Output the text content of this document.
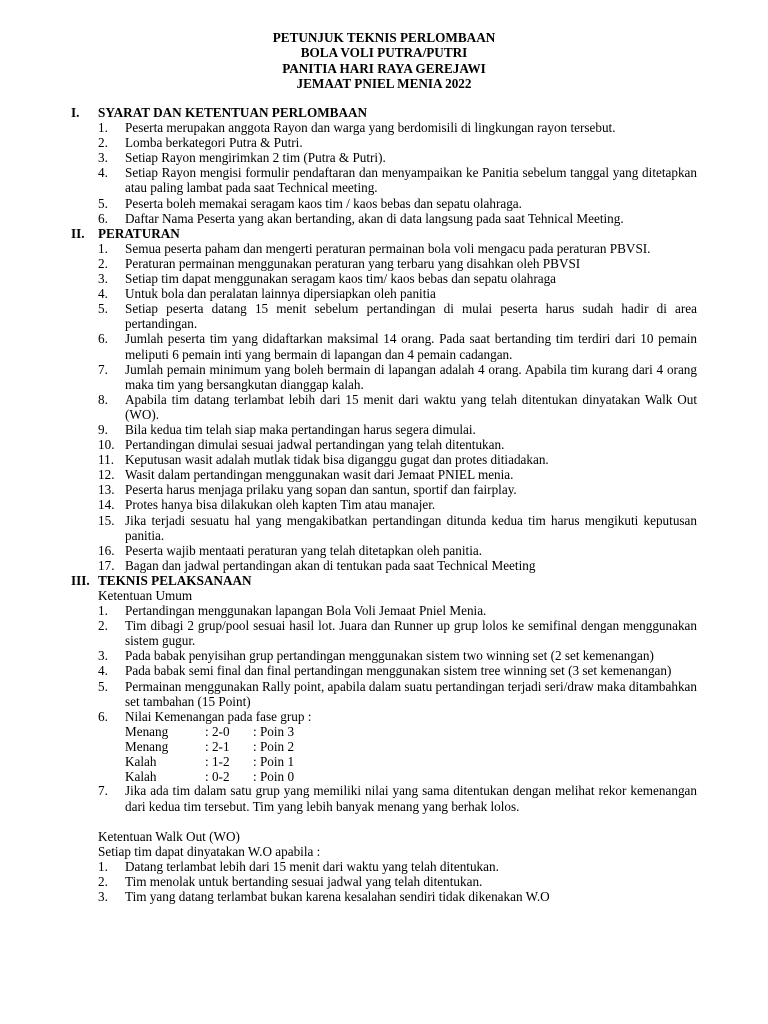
PETUNJUK TEKNIS PERLOMBAAN
BOLA VOLI PUTRA/PUTRI
PANITIA HARI RAYA GEREJAWI
JEMAAT PNIEL MENIA 2022
I.	SYARAT DAN KETENTUAN PERLOMBAAN
1.	Peserta merupakan anggota Rayon dan warga yang berdomisili di lingkungan rayon tersebut.
2.	Lomba berkategori Putra & Putri.
3.	Setiap Rayon mengirimkan 2 tim (Putra & Putri).
4.	Setiap Rayon mengisi formulir pendaftaran dan menyampaikan ke Panitia sebelum tanggal yang ditetapkan atau paling lambat pada saat Technical meeting.
5.	Peserta boleh memakai seragam kaos tim / kaos bebas dan sepatu olahraga.
6.	Daftar Nama Peserta yang akan bertanding, akan di data langsung pada saat Tehnical Meeting.
II.	PERATURAN
1.	Semua peserta paham dan mengerti peraturan permainan bola voli mengacu pada peraturan PBVSI.
2.	Peraturan permainan menggunakan peraturan yang terbaru yang disahkan oleh PBVSI
3.	Setiap tim dapat menggunakan seragam kaos tim/ kaos bebas dan sepatu olahraga
4.	Untuk bola dan peralatan lainnya dipersiapkan oleh panitia
5.	Setiap peserta datang 15 menit sebelum pertandingan di mulai peserta harus sudah hadir di area pertandingan.
6.	Jumlah peserta tim yang didaftarkan maksimal 14 orang. Pada saat bertanding tim terdiri dari 10 pemain meliputi 6 pemain inti yang bermain di lapangan dan 4 pemain cadangan.
7.	Jumlah pemain minimum yang boleh bermain di lapangan adalah 4 orang. Apabila tim kurang dari 4 orang maka tim yang bersangkutan dianggap kalah.
8.	Apabila tim datang terlambat lebih dari 15 menit dari waktu yang telah ditentukan dinyatakan Walk Out (WO).
9.	Bila kedua tim telah siap maka pertandingan harus segera dimulai.
10. Pertandingan dimulai sesuai jadwal pertandingan yang telah ditentukan.
11. Keputusan wasit adalah mutlak tidak bisa diganggu gugat dan protes ditiadakan.
12. Wasit dalam pertandingan menggunakan wasit dari Jemaat PNIEL menia.
13. Peserta harus menjaga prilaku yang sopan dan santun, sportif dan fairplay.
14. Protes hanya bisa dilakukan oleh kapten Tim atau manajer.
15. Jika terjadi sesuatu hal yang mengakibatkan pertandingan ditunda kedua tim harus mengikuti keputusan panitia.
16. Peserta wajib mentaati peraturan yang telah ditetapkan oleh panitia.
17. Bagan dan jadwal pertandingan akan di tentukan pada saat Technical Meeting
III. TEKNIS PELAKSANAAN
Ketentuan Umum
1.	Pertandingan menggunakan lapangan Bola Voli Jemaat Pniel Menia.
2.	Tim dibagi 2 grup/pool sesuai hasil lot. Juara dan Runner up grup lolos ke semifinal dengan menggunakan sistem gugur.
3.	Pada babak penyisihan grup pertandingan menggunakan sistem two winning set (2 set kemenangan)
4.	Pada babak semi final dan final pertandingan menggunakan sistem tree winning set (3 set kemenangan)
5.	Permainan menggunakan Rally point, apabila dalam suatu pertandingan terjadi seri/draw maka ditambahkan set tambahan (15 Point)
6.	Nilai Kemenangan pada fase grup :
Menang	: 2-0	: Poin 3
Menang	: 2-1	: Poin 2
Kalah	: 1-2	: Poin 1
Kalah	: 0-2	: Poin 0
7.	Jika ada tim dalam satu grup yang memiliki nilai yang sama ditentukan dengan melihat rekor kemenangan dari kedua tim tersebut. Tim yang lebih banyak menang yang berhak lolos.
Ketentuan Walk Out (WO)
Setiap tim dapat dinyatakan W.O apabila :
1.	Datang terlambat lebih dari 15 menit dari waktu yang telah ditentukan.
2.	Tim menolak untuk bertanding sesuai jadwal yang telah ditentukan.
3.	Tim yang datang terlambat bukan karena kesalahan sendiri tidak dikenakan W.O
